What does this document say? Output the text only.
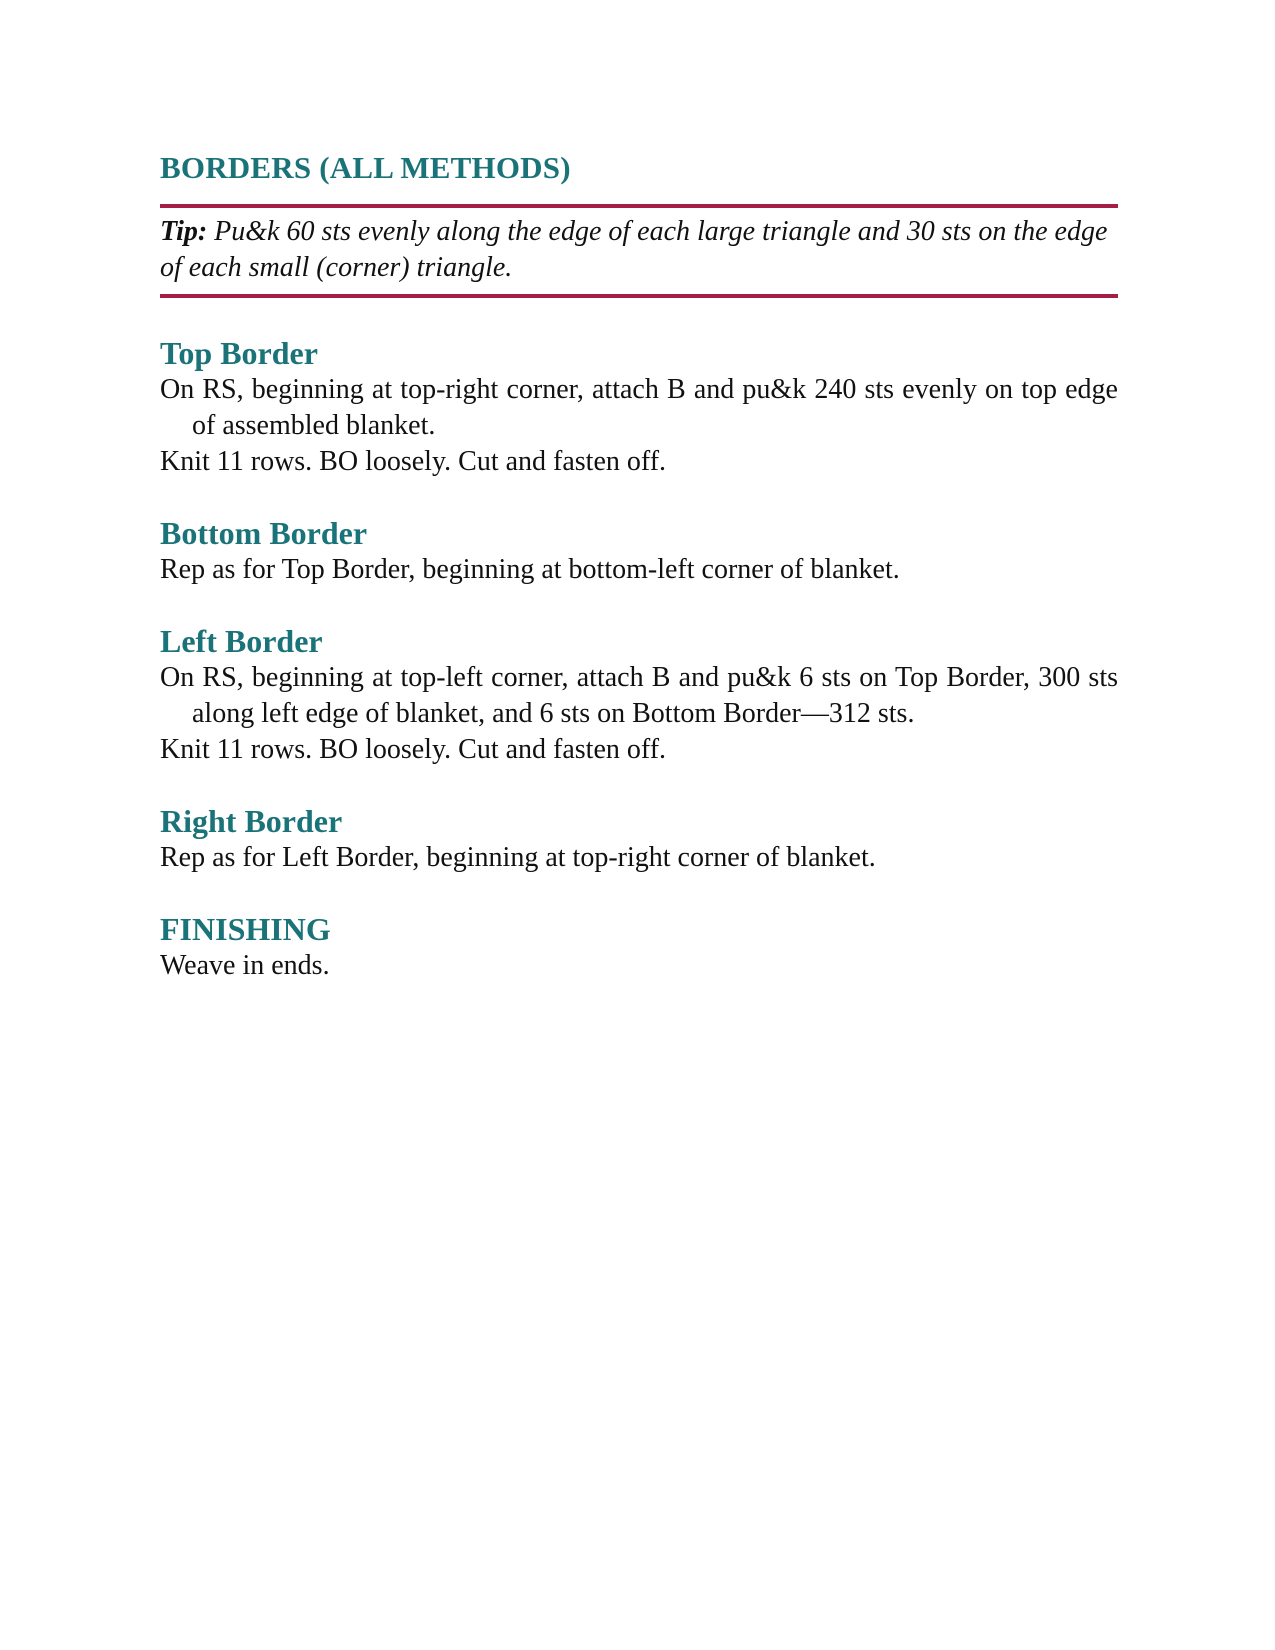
BORDERS (ALL METHODS)

Tip: Pu&k 60 sts evenly along the edge of each large triangle and 30 sts on the edge of each small (corner) triangle.

Top Border

On RS, beginning at top-right corner, attach B and pu&k 240 sts evenly on top edge of assembled blanket.

Knit 11 rows. BO loosely. Cut and fasten off.

Bottom Border

Rep as for Top Border, beginning at bottom-left corner of blanket.

Left Border

On RS, beginning at top-left corner, attach B and pu&k 6 sts on Top Border, 300 sts along left edge of blanket, and 6 sts on Bottom Border—312 sts.

Knit 11 rows. BO loosely. Cut and fasten off.

Right Border

Rep as for Left Border, beginning at top-right corner of blanket.

FINISHING

Weave in ends.
